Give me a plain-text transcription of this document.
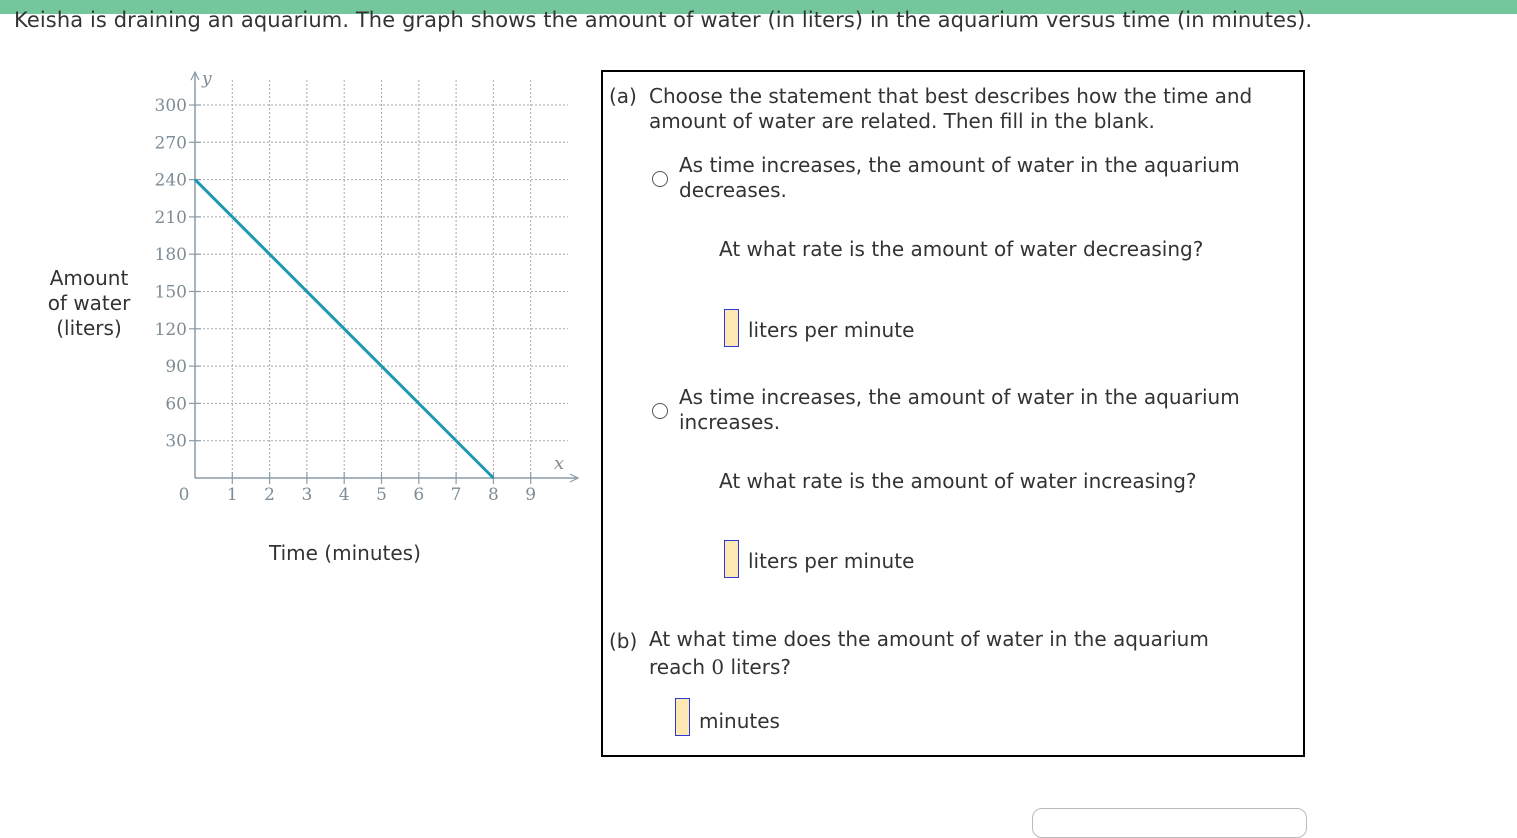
Keisha is draining an aquarium. The graph shows the amount of water (in liters) in the aquarium versus time (in minutes).
Amount
of water
(liters)
Time (minutes)
1 2 3 4 5 6 7 8 9
30
60
90
120
150
180
210
240
270
300
0
y
x
(a) Choose the statement that best describes how the time and
amount of water are related. Then fill in the blank.
As time increases, the amount of water in the aquarium
decreases.
At what rate is the amount of water decreasing?
liters per minute
As time increases, the amount of water in the aquarium
increases.
At what rate is the amount of water increasing?
liters per minute
(b) At what time does the amount of water in the aquarium
reach 0 liters?
minutes
